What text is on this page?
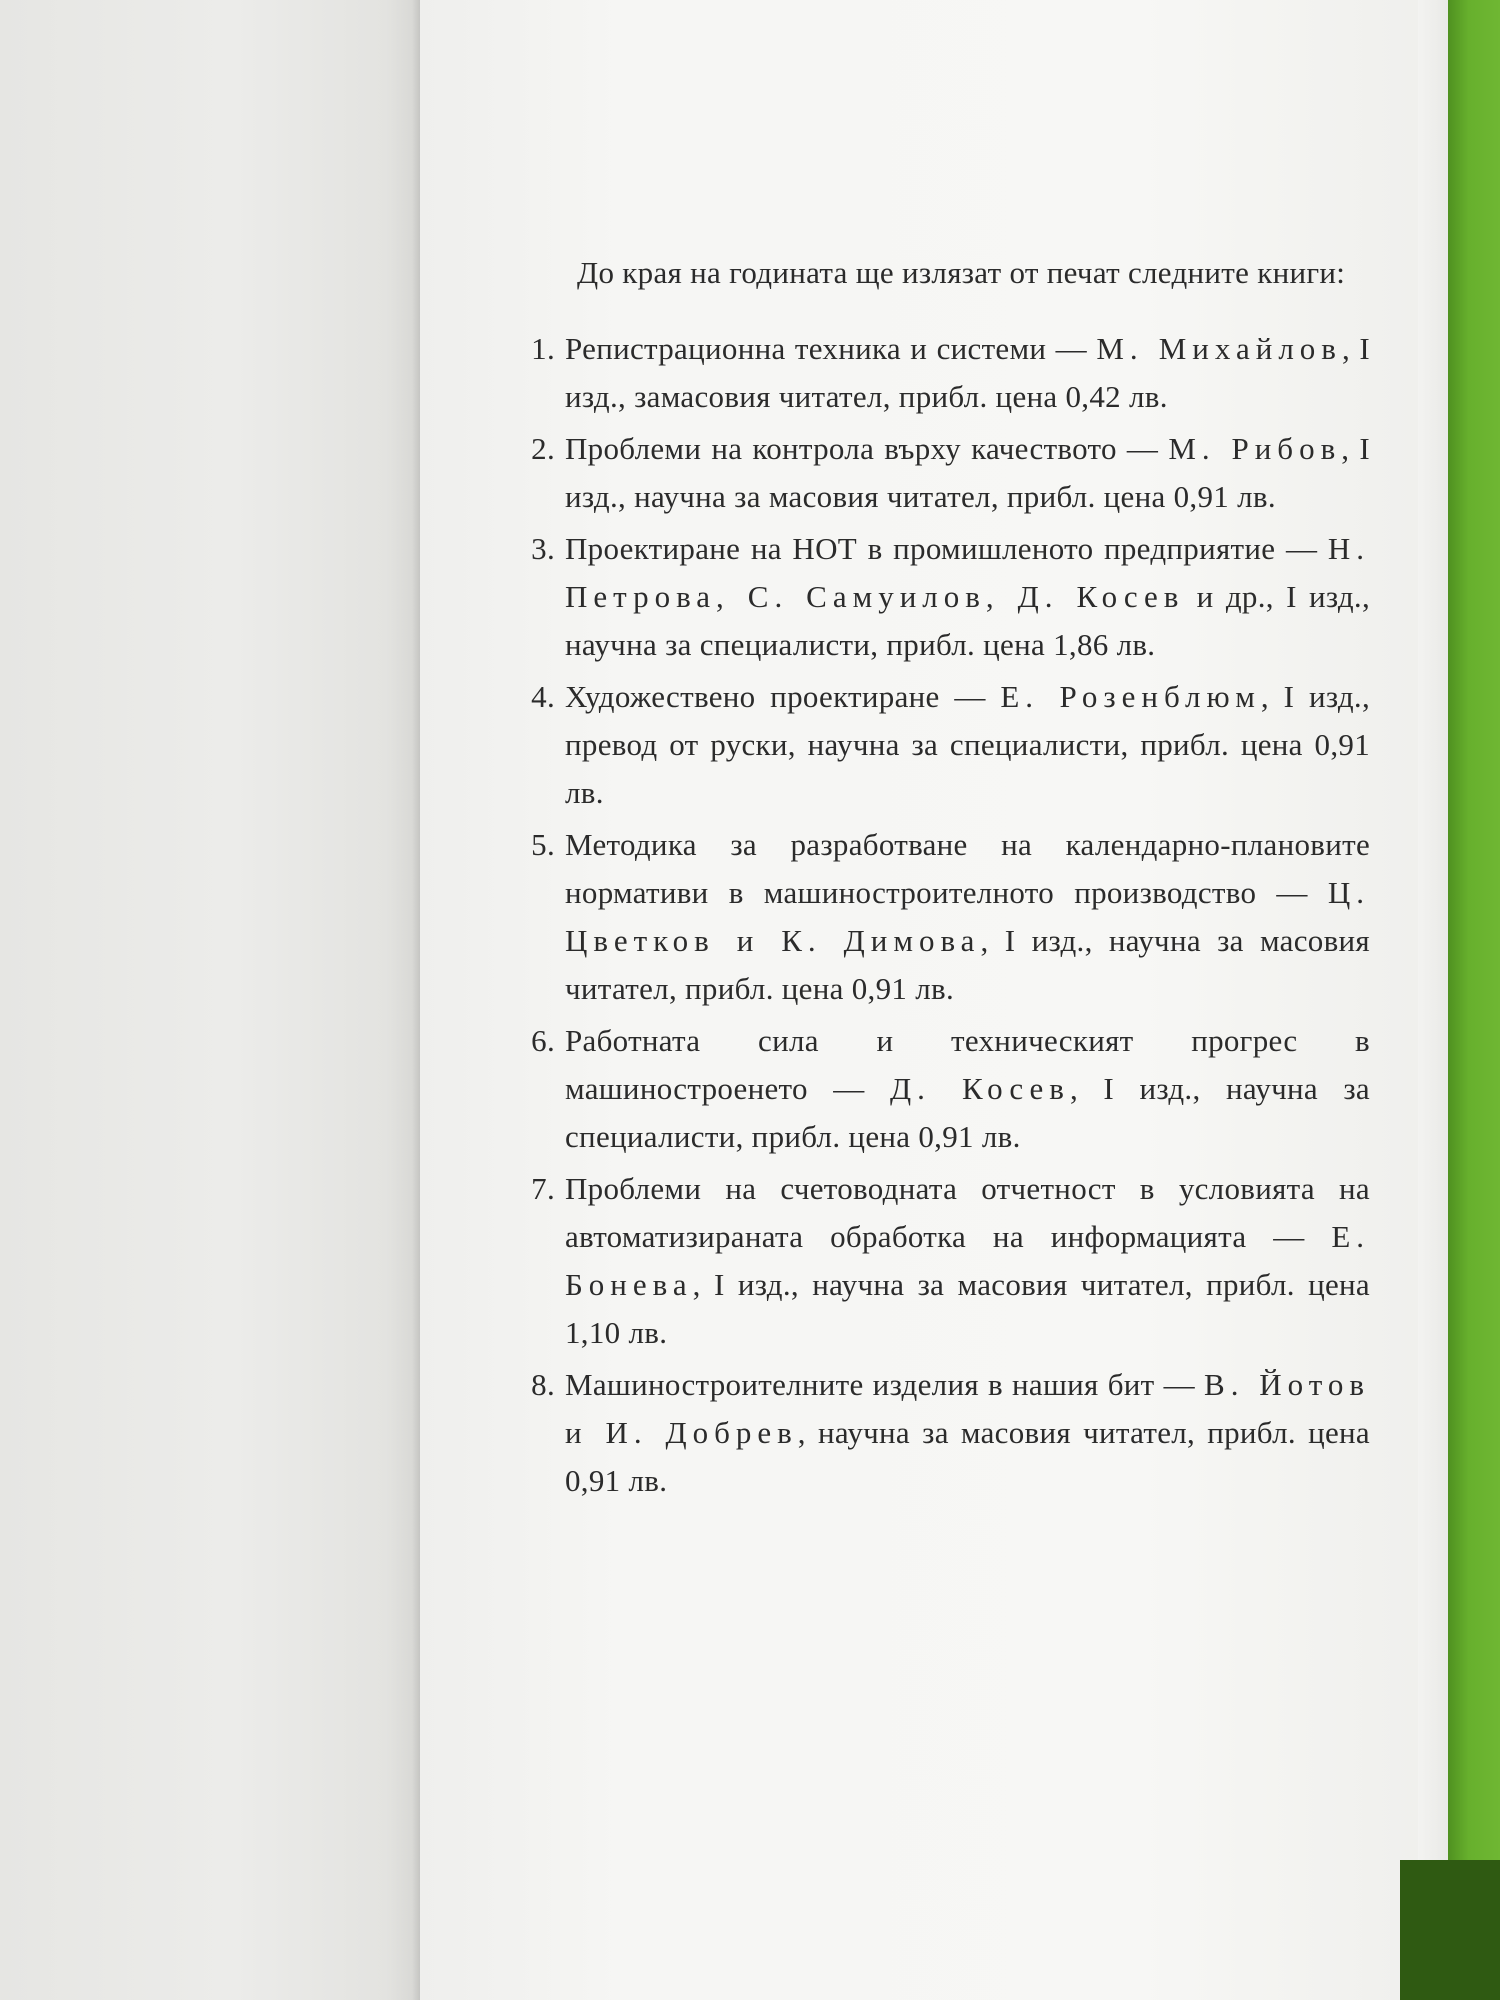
До края на годината ще излязат от печат следните книги:

1. Репистрационна техника и системи — М. Михайлов, I изд., замасовия читател, прибл. цена 0,42 лв.
2. Проблеми на контрола върху качеството — М. Рибов, I изд., научна за масовия читател, прибл. цена 0,91 лв.
3. Проектиране на НОТ в промишленото предприятие — Н. Петрова, С. Самуилов, Д. Косев и др., I изд., научна за специалисти, прибл. цена 1,86 лв.
4. Художествено проектиране — Е. Розенблюм, I изд., превод от руски, научна за специалисти, прибл. цена 0,91 лв.
5. Методика за разработване на календарно-плановите нормативи в машиностроителното производство — Ц. Цветков и К. Димова, I изд., научна за масовия читател, прибл. цена 0,91 лв.
6. Работната сила и техническият прогрес в машиностроенето — Д. Косев, I изд., научна за специалисти, прибл. цена 0,91 лв.
7. Проблеми на счетоводната отчетност в условията на автоматизираната обработка на информацията — Е. Бонева, I изд., научна за масовия читател, прибл. цена 1,10 лв.
8. Машиностроителните изделия в нашия бит — В. Йотов и И. Добрев, научна за масовия читател, прибл. цена 0,91 лв.
